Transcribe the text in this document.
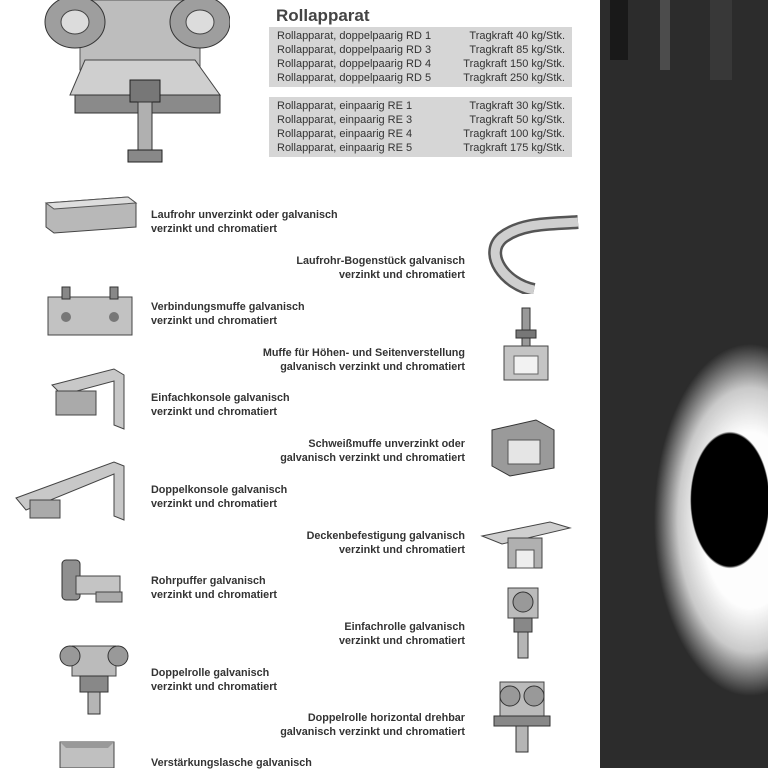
Rollapparat
Rollapparat, doppelpaarig RD 1	Tragkraft 40 kg/Stk.
Rollapparat, doppelpaarig RD 3	Tragkraft 85 kg/Stk.
Rollapparat, doppelpaarig RD 4	Tragkraft 150 kg/Stk.
Rollapparat, doppelpaarig RD 5	Tragkraft 250 kg/Stk.
Rollapparat, einpaarig RE 1	Tragkraft 30 kg/Stk.
Rollapparat, einpaarig RE 3	Tragkraft 50 kg/Stk.
Rollapparat, einpaarig RE 4	Tragkraft 100 kg/Stk.
Rollapparat, einpaarig RE 5	Tragkraft 175 kg/Stk.
Laufrohr unverzinkt oder galvanisch
verzinkt und chromatiert
Verbindungsmuffe galvanisch
verzinkt und chromatiert
Einfachkonsole galvanisch
verzinkt und chromatiert
Doppelkonsole galvanisch
verzinkt und chromatiert
Rohrpuffer galvanisch
verzinkt und chromatiert
Doppelrolle galvanisch
verzinkt und chromatiert
Verstärkungslasche galvanisch
Laufrohr-Bogenstück galvanisch
verzinkt und chromatiert
Muffe für Höhen- und Seitenverstellung
galvanisch verzinkt und chromatiert
Schweißmuffe unverzinkt oder
galvanisch verzinkt und chromatiert
Deckenbefestigung galvanisch
verzinkt und chromatiert
Einfachrolle galvanisch
verzinkt und chromatiert
Doppelrolle horizontal drehbar
galvanisch verzinkt und chromatiert
